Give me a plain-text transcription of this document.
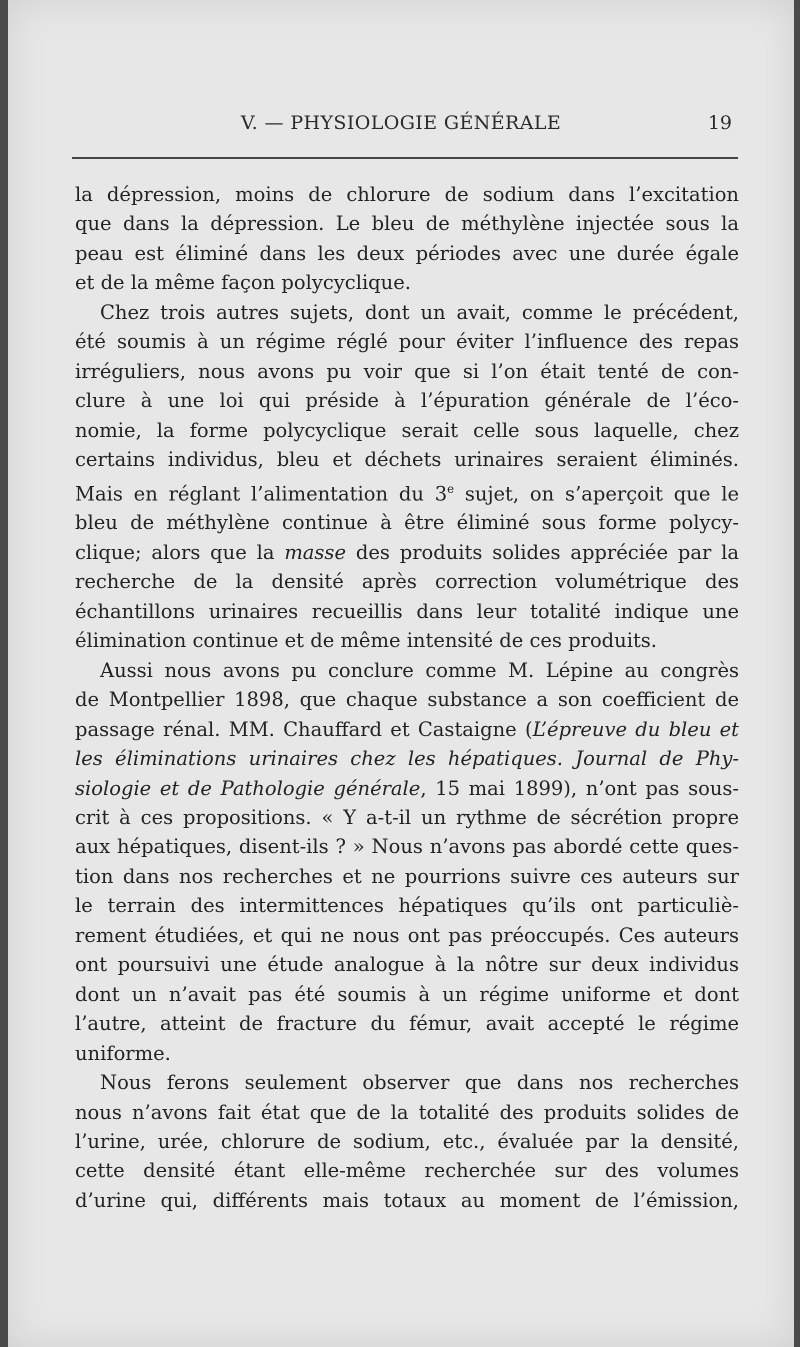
V. — PHYSIOLOGIE GÉNÉRALE	19
la dépression, moins de chlorure de sodium dans l’excitation
que dans la dépression. Le bleu de méthylène injectée sous la
peau est éliminé dans les deux périodes avec une durée égale
et de la même façon polycyclique.
Chez trois autres sujets, dont un avait, comme le précédent,
été soumis à un régime réglé pour éviter l’influence des repas
irréguliers, nous avons pu voir que si l’on était tenté de con-
clure à une loi qui préside à l’épuration générale de l’éco-
nomie, la forme polycyclique serait celle sous laquelle, chez
certains individus, bleu et déchets urinaires seraient éliminés.
Mais en réglant l’alimentation du 3e sujet, on s’aperçoit que le
bleu de méthylène continue à être éliminé sous forme polycy-
clique; alors que la masse des produits solides appréciée par la
recherche de la densité après correction volumétrique des
échantillons urinaires recueillis dans leur totalité indique une
élimination continue et de même intensité de ces produits.
Aussi nous avons pu conclure comme M. Lépine au congrès
de Montpellier 1898, que chaque substance a son coefficient de
passage rénal. MM. Chauffard et Castaigne (L’épreuve du bleu et
les éliminations urinaires chez les hépatiques. Journal de Phy-
siologie et de Pathologie générale, 15 mai 1899), n’ont pas sous-
crit à ces propositions. « Y a-t-il un rythme de sécrétion propre
aux hépatiques, disent-ils ? » Nous n’avons pas abordé cette ques-
tion dans nos recherches et ne pourrions suivre ces auteurs sur
le terrain des intermittences hépatiques qu’ils ont particuliè-
rement étudiées, et qui ne nous ont pas préoccupés. Ces auteurs
ont poursuivi une étude analogue à la nôtre sur deux individus
dont un n’avait pas été soumis à un régime uniforme et dont
l’autre, atteint de fracture du fémur, avait accepté le régime
uniforme.
Nous ferons seulement observer que dans nos recherches
nous n’avons fait état que de la totalité des produits solides de
l’urine, urée, chlorure de sodium, etc., évaluée par la densité,
cette densité étant elle-même recherchée sur des volumes
d’urine qui, différents mais totaux au moment de l’émission,
